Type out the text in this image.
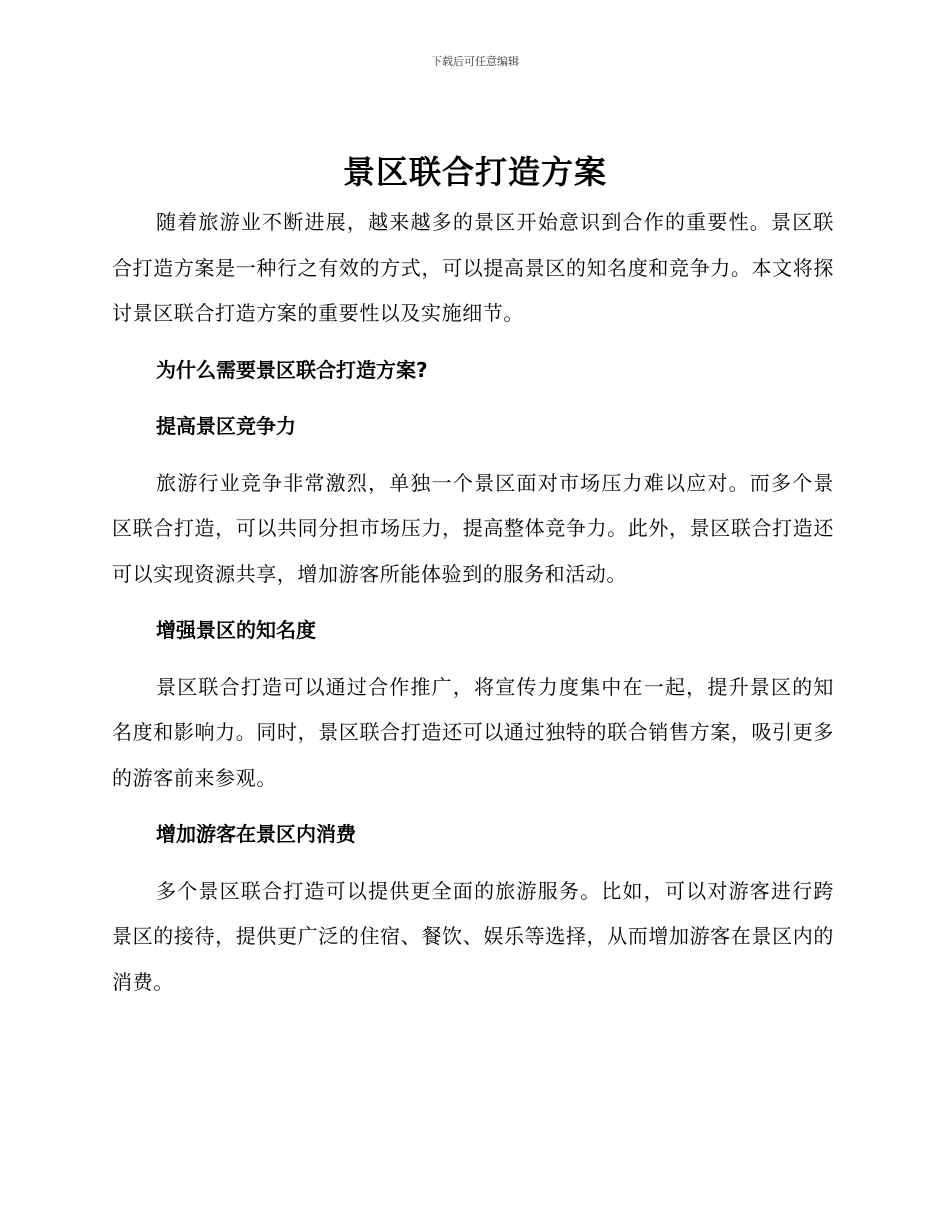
下载后可任意编辑
景区联合打造方案

随着旅游业不断进展，越来越多的景区开始意识到合作的重要性。景区联合打造方案是一种行之有效的方式，可以提高景区的知名度和竞争力。本文将探讨景区联合打造方案的重要性以及实施细节。

为什么需要景区联合打造方案?
提高景区竞争力

旅游行业竞争非常激烈，单独一个景区面对市场压力难以应对。而多个景区联合打造，可以共同分担市场压力，提高整体竞争力。此外，景区联合打造还可以实现资源共享，增加游客所能体验到的服务和活动。

增强景区的知名度

景区联合打造可以通过合作推广，将宣传力度集中在一起，提升景区的知名度和影响力。同时，景区联合打造还可以通过独特的联合销售方案，吸引更多的游客前来参观。

增加游客在景区内消费

多个景区联合打造可以提供更全面的旅游服务。比如，可以对游客进行跨景区的接待，提供更广泛的住宿、餐饮、娱乐等选择，从而增加游客在景区内的消费。
